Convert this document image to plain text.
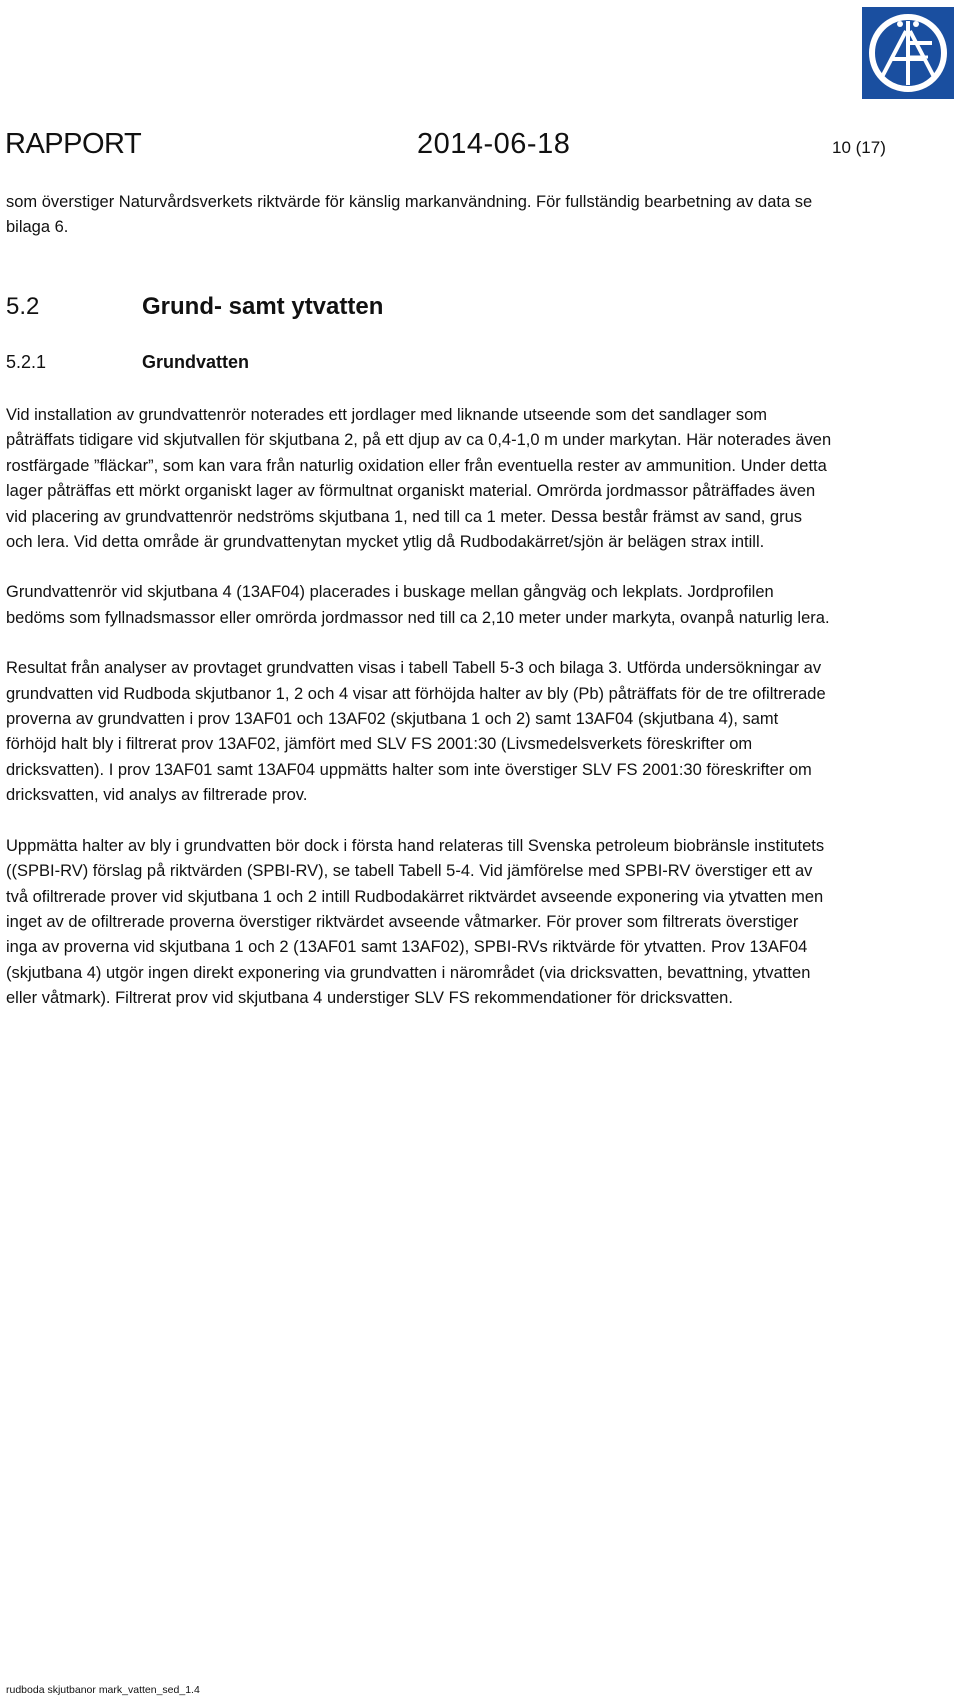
RAPPORT	2014-06-18	10 (17)

som överstiger Naturvårdsverkets riktvärde för känslig markanvändning. För fullständig bearbetning av data se bilaga 6.

5.2	Grund- samt ytvatten
5.2.1	Grundvatten

Vid installation av grundvattenrör noterades ett jordlager med liknande utseende som det sandlager som påträffats tidigare vid skjutvallen för skjutbana 2, på ett djup av ca 0,4-1,0 m under markytan. Här noterades även rostfärgade ”fläckar”, som kan vara från naturlig oxidation eller från eventuella rester av ammunition. Under detta lager påträffas ett mörkt organiskt lager av förmultnat organiskt material. Omrörda jordmassor påträffades även vid placering av grundvattenrör nedströms skjutbana 1, ned till ca 1 meter. Dessa består främst av sand, grus och lera. Vid detta område är grundvattenytan mycket ytlig då Rudbodakärret/sjön är belägen strax intill.

Grundvattenrör vid skjutbana 4 (13AF04) placerades i buskage mellan gångväg och lekplats. Jordprofilen bedöms som fyllnadsmassor eller omrörda jordmassor ned till ca 2,10 meter under markyta, ovanpå naturlig lera.

Resultat från analyser av provtaget grundvatten visas i tabell Tabell 5-3 och bilaga 3. Utförda undersökningar av grundvatten vid Rudboda skjutbanor 1, 2 och 4 visar att förhöjda halter av bly (Pb) påträffats för de tre ofiltrerade proverna av grundvatten i prov 13AF01 och 13AF02 (skjutbana 1 och 2) samt 13AF04 (skjutbana 4), samt förhöjd halt bly i filtrerat prov 13AF02, jämfört med SLV FS 2001:30 (Livsmedelsverkets föreskrifter om dricksvatten). I prov 13AF01 samt 13AF04 uppmätts halter som inte överstiger SLV FS 2001:30 föreskrifter om dricksvatten, vid analys av filtrerade prov.

Uppmätta halter av bly i grundvatten bör dock i första hand relateras till Svenska petroleum biobränsle institutets ((SPBI-RV) förslag på riktvärden (SPBI-RV), se tabell Tabell 5-4. Vid jämförelse med SPBI-RV överstiger ett av två ofiltrerade prover vid skjutbana 1 och 2 intill Rudbodakärret riktvärdet avseende exponering via ytvatten men inget av de ofiltrerade proverna överstiger riktvärdet avseende våtmarker. För prover som filtrerats överstiger inga av proverna vid skjutbana 1 och 2 (13AF01 samt 13AF02), SPBI-RVs riktvärde för ytvatten. Prov 13AF04 (skjutbana 4) utgör ingen direkt exponering via grundvatten i närområdet (via dricksvatten, bevattning, ytvatten eller våtmark). Filtrerat prov vid skjutbana 4 understiger SLV FS rekommendationer för dricksvatten.

rudboda skjutbanor mark_vatten_sed_1.4
